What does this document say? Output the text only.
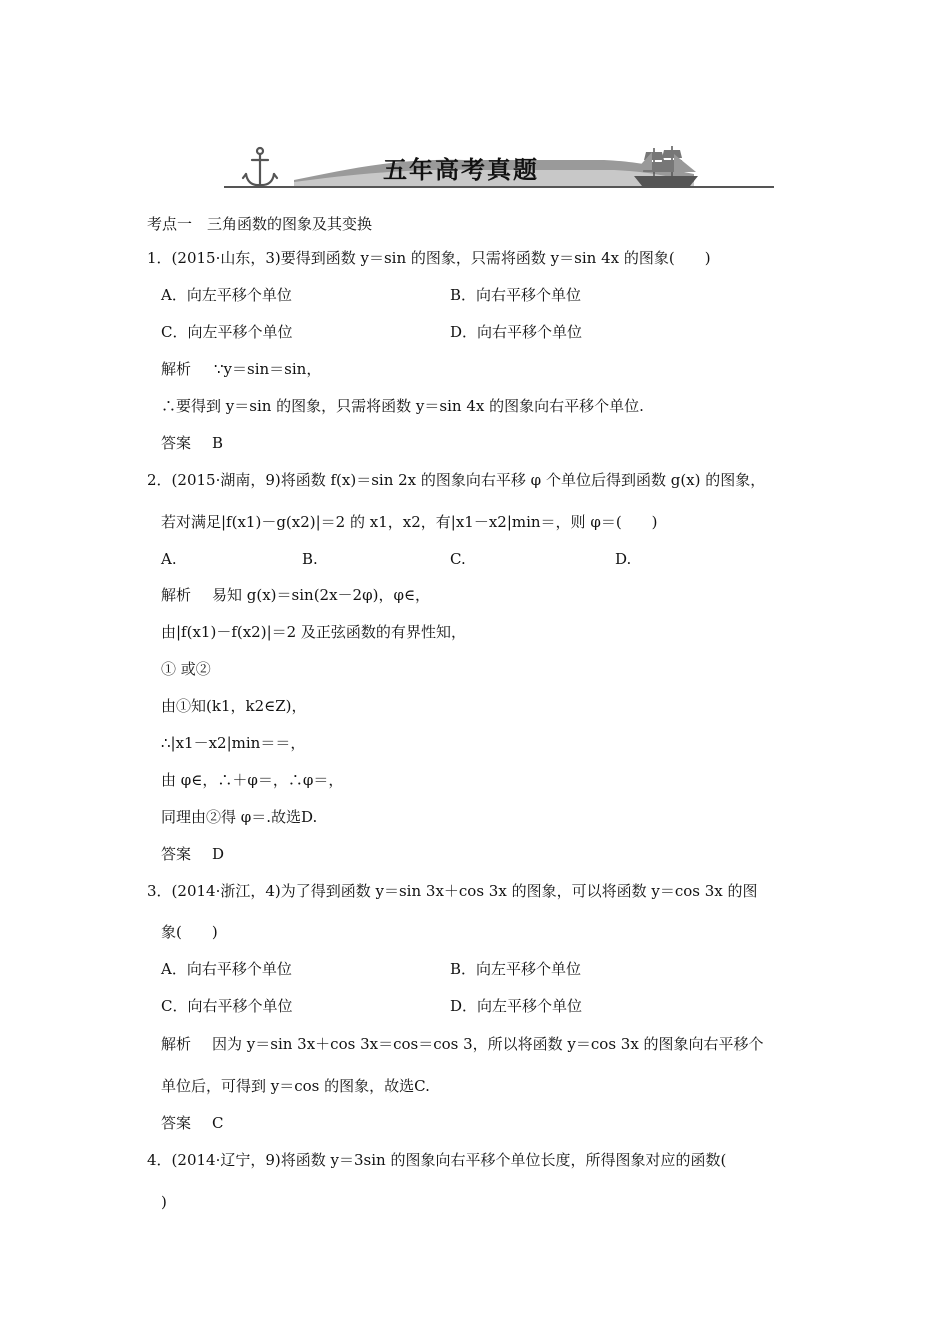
五年高考真题
考点一　三角函数的图象及其变换
1．(2015·山东，3)要得到函数 y＝sin 的图象，只需将函数 y＝sin 4x 的图象(　　)
A．向左平移个单位	B．向右平移个单位
C．向左平移个单位	D．向右平移个单位
解析 ∵y＝sin＝sin，
∴要得到 y＝sin 的图象，只需将函数 y＝sin 4x 的图象向右平移个单位.
答案 B
2．(2015·湖南，9)将函数 f(x)＝sin 2x 的图象向右平移 φ 个单位后得到函数 g(x) 的图象，
若对满足|f(x1)－g(x2)|＝2 的 x1，x2，有|x1－x2|min＝，则 φ＝(　　)
A.	B.	C.	D.
解析 易知 g(x)＝sin(2x－2φ)，φ∈，
由|f(x1)－f(x2)|＝2 及正弦函数的有界性知，
① 或②
由①知(k1，k2∈Z)，
∴|x1－x2|min＝＝，
由 φ∈，∴＋φ＝，∴φ＝，
同理由②得 φ＝.故选D.
答案 D
3．(2014·浙江，4)为了得到函数 y＝sin 3x＋cos 3x 的图象，可以将函数 y＝cos 3x 的图
象(　　)
A．向右平移个单位	B．向左平移个单位
C．向右平移个单位	D．向左平移个单位
解析 因为 y＝sin 3x＋cos 3x＝cos＝cos 3，所以将函数 y＝cos 3x 的图象向右平移个
单位后，可得到 y＝cos 的图象，故选C.
答案 C
4．(2014·辽宁，9)将函数 y＝3sin 的图象向右平移个单位长度，所得图象对应的函数(
)
